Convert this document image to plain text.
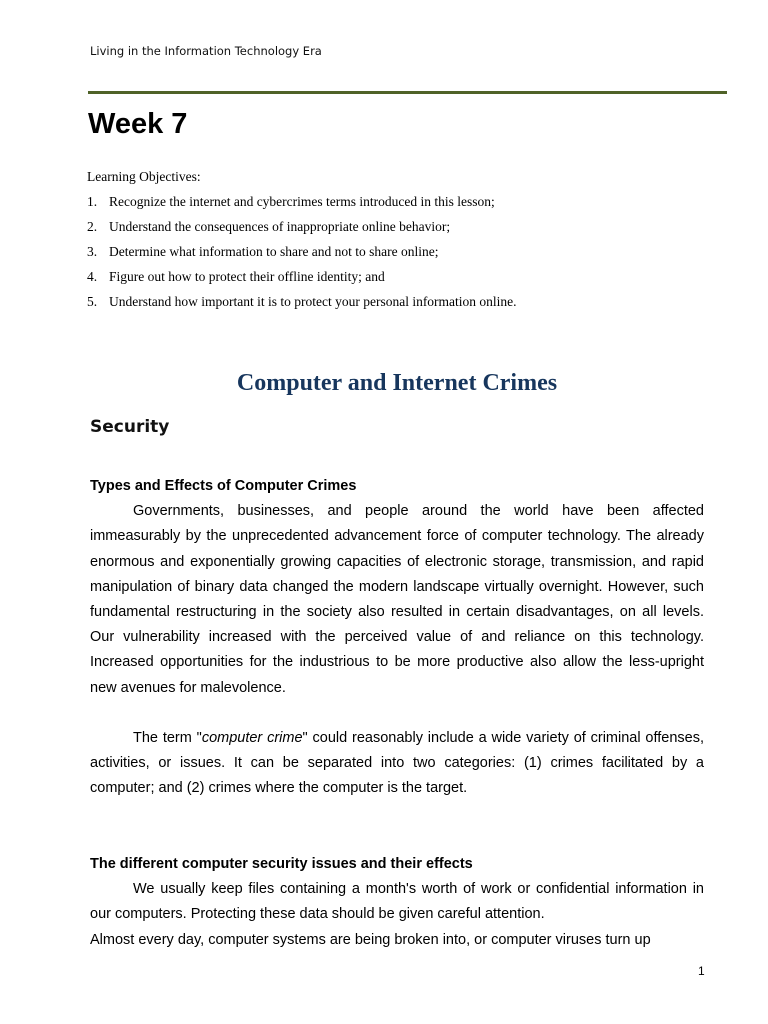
Living in the Information Technology Era
Week 7
Learning Objectives:
1. Recognize the internet and cybercrimes terms introduced in this lesson;
2. Understand the consequences of inappropriate online behavior;
3. Determine what information to share and not to share online;
4. Figure out how to protect their offline identity; and
5. Understand how important it is to protect your personal information online.
Computer and Internet Crimes
Security
Types and Effects of Computer Crimes

Governments, businesses, and people around the world have been affected immeasurably by the unprecedented advancement force of computer technology. The already enormous and exponentially growing capacities of electronic storage, transmission, and rapid manipulation of binary data changed the modern landscape virtually overnight. However, such fundamental restructuring in the society also resulted in certain disadvantages, on all levels. Our vulnerability increased with the perceived value of and reliance on this technology. Increased opportunities for the industrious to be more productive also allow the less-upright new avenues for malevolence.

The term "computer crime" could reasonably include a wide variety of criminal offenses, activities, or issues. It can be separated into two categories: (1) crimes facilitated by a computer; and (2) crimes where the computer is the target.

The different computer security issues and their effects

We usually keep files containing a month's worth of work or confidential information in our computers. Protecting these data should be given careful attention.

Almost every day, computer systems are being broken into, or computer viruses turn up

1
